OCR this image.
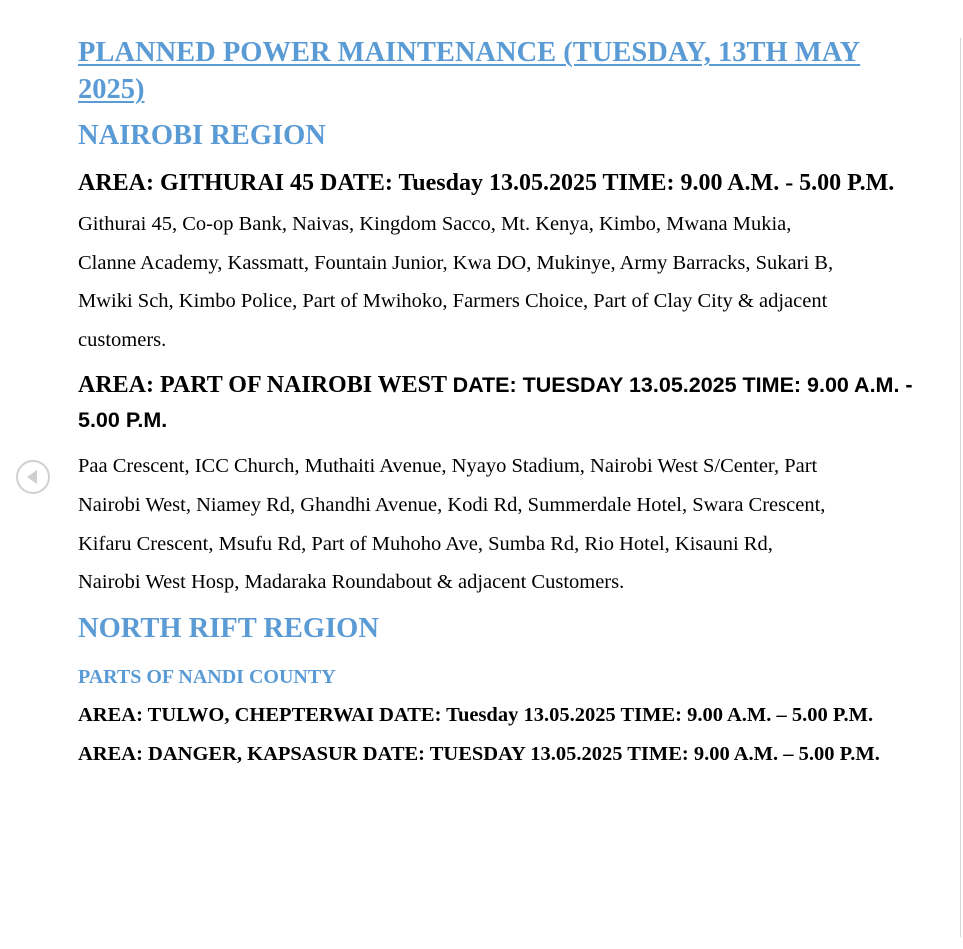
PLANNED POWER MAINTENANCE (TUESDAY, 13TH MAY 2025)
NAIROBI REGION
AREA: GITHURAI 45 DATE: Tuesday 13.05.2025 TIME: 9.00 A.M. - 5.00 P.M.

Githurai 45, Co-op Bank, Naivas, Kingdom Sacco, Mt. Kenya, Kimbo, Mwana Mukia, Clanne Academy, Kassmatt, Fountain Junior, Kwa DO, Mukinye, Army Barracks, Sukari B, Mwiki Sch, Kimbo Police, Part of Mwihoko, Farmers Choice, Part of Clay City & adjacent customers.

AREA: PART OF NAIROBI WEST DATE: TUESDAY 13.05.2025 TIME: 9.00 A.M. - 5.00 P.M.

Paa Crescent, ICC Church, Muthaiti Avenue, Nyayo Stadium, Nairobi West S/Center, Part Nairobi West, Niamey Rd, Ghandhi Avenue, Kodi Rd, Summerdale Hotel, Swara Crescent, Kifaru Crescent, Msufu Rd, Part of Muhoho Ave, Sumba Rd, Rio Hotel, Kisauni Rd, Nairobi West Hosp, Madaraka Roundabout & adjacent Customers.

NORTH RIFT REGION
PARTS OF NANDI COUNTY
AREA: TULWO, CHEPTERWAI DATE: Tuesday 13.05.2025 TIME: 9.00 A.M. – 5.00 P.M.
AREA: DANGER, KAPSASUR DATE: TUESDAY 13.05.2025 TIME: 9.00 A.M. – 5.00 P.M.
